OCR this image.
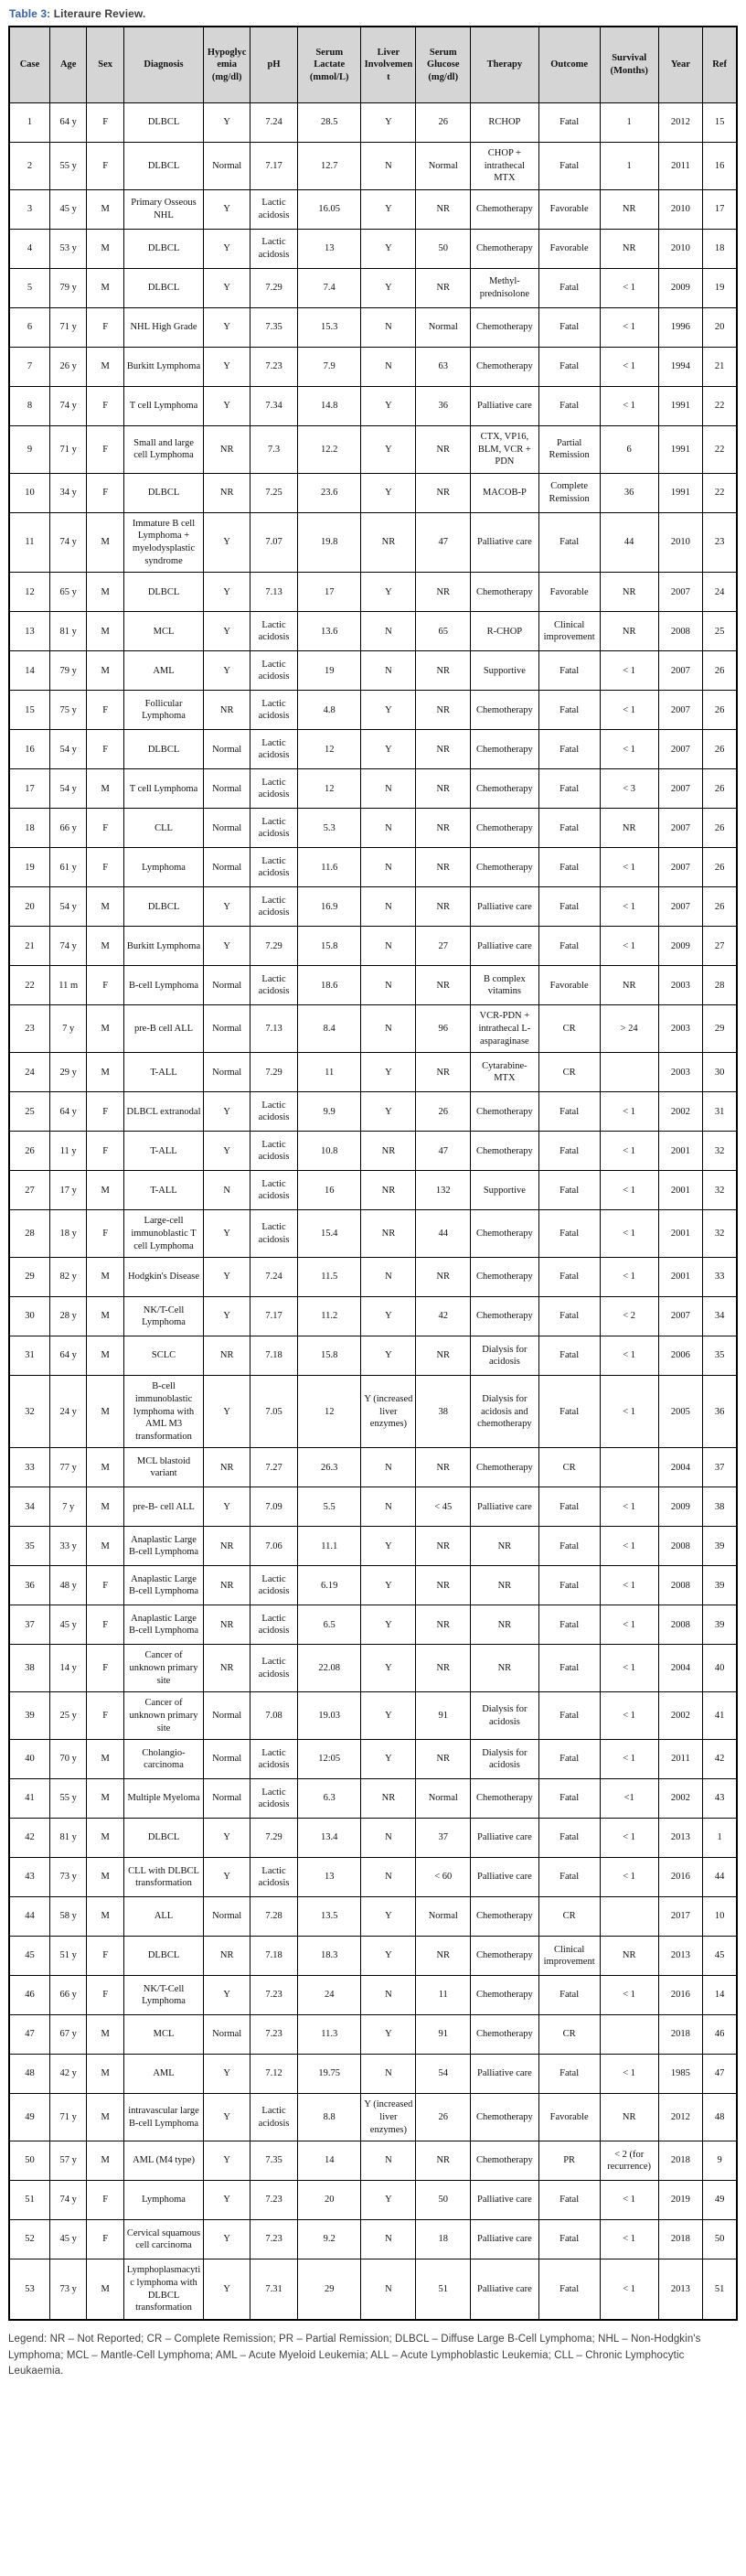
Table 3: Literaure Review.
Case	Age	Sex	Diagnosis	Hypoglycemia (mg/dl)	pH	Serum Lactate (mmol/L)	Liver Involvement	Serum Glucose (mg/dl)	Therapy	Outcome	Survival (Months)	Year	Ref
1	64 y	F	DLBCL	Y	7.24	28.5	Y	26	RCHOP	Fatal	1	2012	15
2	55 y	F	DLBCL	Normal	7.17	12.7	N	Normal	CHOP + intrathecal MTX	Fatal	1	2011	16
3	45 y	M	Primary Osseous NHL	Y	Lactic acidosis	16.05	Y	NR	Chemotherapy	Favorable	NR	2010	17
4	53 y	M	DLBCL	Y	Lactic acidosis	13	Y	50	Chemotherapy	Favorable	NR	2010	18
5	79 y	M	DLBCL	Y	7.29	7.4	Y	NR	Methyl-prednisolone	Fatal	< 1	2009	19
6	71 y	F	NHL High Grade	Y	7.35	15.3	N	Normal	Chemotherapy	Fatal	< 1	1996	20
7	26 y	M	Burkitt Lymphoma	Y	7.23	7.9	N	63	Chemotherapy	Fatal	< 1	1994	21
8	74 y	F	T cell Lymphoma	Y	7.34	14.8	Y	36	Palliative care	Fatal	< 1	1991	22
9	71 y	F	Small and large cell Lymphoma	NR	7.3	12.2	Y	NR	CTX, VP16, BLM, VCR + PDN	Partial Remission	6	1991	22
10	34 y	F	DLBCL	NR	7.25	23.6	Y	NR	MACOB-P	Complete Remission	36	1991	22
11	74 y	M	Immature B cell Lymphoma + myelodysplastic syndrome	Y	7.07	19.8	NR	47	Palliative care	Fatal	44	2010	23
12	65 y	M	DLBCL	Y	7.13	17	Y	NR	Chemotherapy	Favorable	NR	2007	24
13	81 y	M	MCL	Y	Lactic acidosis	13.6	N	65	R-CHOP	Clinical improvement	NR	2008	25
14	79 y	M	AML	Y	Lactic acidosis	19	N	NR	Supportive	Fatal	< 1	2007	26
15	75 y	F	Follicular Lymphoma	NR	Lactic acidosis	4.8	Y	NR	Chemotherapy	Fatal	< 1	2007	26
16	54 y	F	DLBCL	Normal	Lactic acidosis	12	Y	NR	Chemotherapy	Fatal	< 1	2007	26
17	54 y	M	T cell Lymphoma	Normal	Lactic acidosis	12	N	NR	Chemotherapy	Fatal	< 3	2007	26
18	66 y	F	CLL	Normal	Lactic acidosis	5.3	N	NR	Chemotherapy	Fatal	NR	2007	26
19	61 y	F	Lymphoma	Normal	Lactic acidosis	11.6	N	NR	Chemotherapy	Fatal	< 1	2007	26
20	54 y	M	DLBCL	Y	Lactic acidosis	16.9	N	NR	Palliative care	Fatal	< 1	2007	26
21	74 y	M	Burkitt Lymphoma	Y	7.29	15.8	N	27	Palliative care	Fatal	< 1	2009	27
22	11 m	F	B-cell Lymphoma	Normal	Lactic acidosis	18.6	N	NR	B complex vitamins	Favorable	NR	2003	28
23	7 y	M	pre-B cell ALL	Normal	7.13	8.4	N	96	VCR-PDN + intrathecal L-asparaginase	CR	> 24	2003	29
24	29 y	M	T-ALL	Normal	7.29	11	Y	NR	Cytarabine-MTX	CR		2003	30
25	64 y	F	DLBCL extranodal	Y	Lactic acidosis	9.9	Y	26	Chemotherapy	Fatal	< 1	2002	31
26	11 y	F	T-ALL	Y	Lactic acidosis	10.8	NR	47	Chemotherapy	Fatal	< 1	2001	32
27	17 y	M	T-ALL	N	Lactic acidosis	16	NR	132	Supportive	Fatal	< 1	2001	32
28	18 y	F	Large-cell immunoblastic T cell Lymphoma	Y	Lactic acidosis	15.4	NR	44	Chemotherapy	Fatal	< 1	2001	32
29	82 y	M	Hodgkin's Disease	Y	7.24	11.5	N	NR	Chemotherapy	Fatal	< 1	2001	33
30	28 y	M	NK/T-Cell Lymphoma	Y	7.17	11.2	Y	42	Chemotherapy	Fatal	< 2	2007	34
31	64 y	M	SCLC	NR	7.18	15.8	Y	NR	Dialysis for acidosis	Fatal	< 1	2006	35
32	24 y	M	B-cell immunoblastic lymphoma with AML M3 transformation	Y	7.05	12	Y (increased liver enzymes)	38	Dialysis for acidosis and chemotherapy	Fatal	< 1	2005	36
33	77 y	M	MCL blastoid variant	NR	7.27	26.3	N	NR	Chemotherapy	CR		2004	37
34	7 y	M	pre-B- cell ALL	Y	7.09	5.5	N	< 45	Palliative care	Fatal	< 1	2009	38
35	33 y	M	Anaplastic Large B-cell Lymphoma	NR	7.06	11.1	Y	NR	NR	Fatal	< 1	2008	39
36	48 y	F	Anaplastic Large B-cell Lymphoma	NR	Lactic acidosis	6.19	Y	NR	NR	Fatal	< 1	2008	39
37	45 y	F	Anaplastic Large B-cell Lymphoma	NR	Lactic acidosis	6.5	Y	NR	NR	Fatal	< 1	2008	39
38	14 y	F	Cancer of unknown primary site	NR	Lactic acidosis	22.08	Y	NR	NR	Fatal	< 1	2004	40
39	25 y	F	Cancer of unknown primary site	Normal	7.08	19.03	Y	91	Dialysis for acidosis	Fatal	< 1	2002	41
40	70 y	M	Cholangio-carcinoma	Normal	Lactic acidosis	12:05	Y	NR	Dialysis for acidosis	Fatal	< 1	2011	42
41	55 y	M	Multiple Myeloma	Normal	Lactic acidosis	6.3	NR	Normal	Chemotherapy	Fatal	<1	2002	43
42	81 y	M	DLBCL	Y	7.29	13.4	N	37	Palliative care	Fatal	< 1	2013	1
43	73 y	M	CLL with DLBCL transformation	Y	Lactic acidosis	13	N	< 60	Palliative care	Fatal	< 1	2016	44
44	58 y	M	ALL	Normal	7.28	13.5	Y	Normal	Chemotherapy	CR		2017	10
45	51 y	F	DLBCL	NR	7.18	18.3	Y	NR	Chemotherapy	Clinical improvement	NR	2013	45
46	66 y	F	NK/T-Cell Lymphoma	Y	7.23	24	N	11	Chemotherapy	Fatal	< 1	2016	14
47	67 y	M	MCL	Normal	7.23	11.3	Y	91	Chemotherapy	CR		2018	46
48	42 y	M	AML	Y	7.12	19.75	N	54	Palliative care	Fatal	< 1	1985	47
49	71 y	M	intravascular large B-cell Lymphoma	Y	Lactic acidosis	8.8	Y (increased liver enzymes)	26	Chemotherapy	Favorable	NR	2012	48
50	57 y	M	AML (M4 type)	Y	7.35	14	N	NR	Chemotherapy	PR	< 2 (for recurrence)	2018	9
51	74 y	F	Lymphoma	Y	7.23	20	Y	50	Palliative care	Fatal	< 1	2019	49
52	45 y	F	Cervical squamous cell carcinoma	Y	7.23	9.2	N	18	Palliative care	Fatal	< 1	2018	50
53	73 y	M	Lymphoplasmacytic lymphoma with DLBCL transformation	Y	7.31	29	N	51	Palliative care	Fatal	< 1	2013	51
Legend: NR – Not Reported; CR – Complete Remission; PR – Partial Remission; DLBCL – Diffuse Large B-Cell Lymphoma; NHL – Non-Hodgkin's Lymphoma; MCL – Mantle-Cell Lymphoma; AML – Acute Myeloid Leukemia; ALL – Acute Lymphoblastic Leukemia; CLL – Chronic Lymphocytic Leukaemia.
